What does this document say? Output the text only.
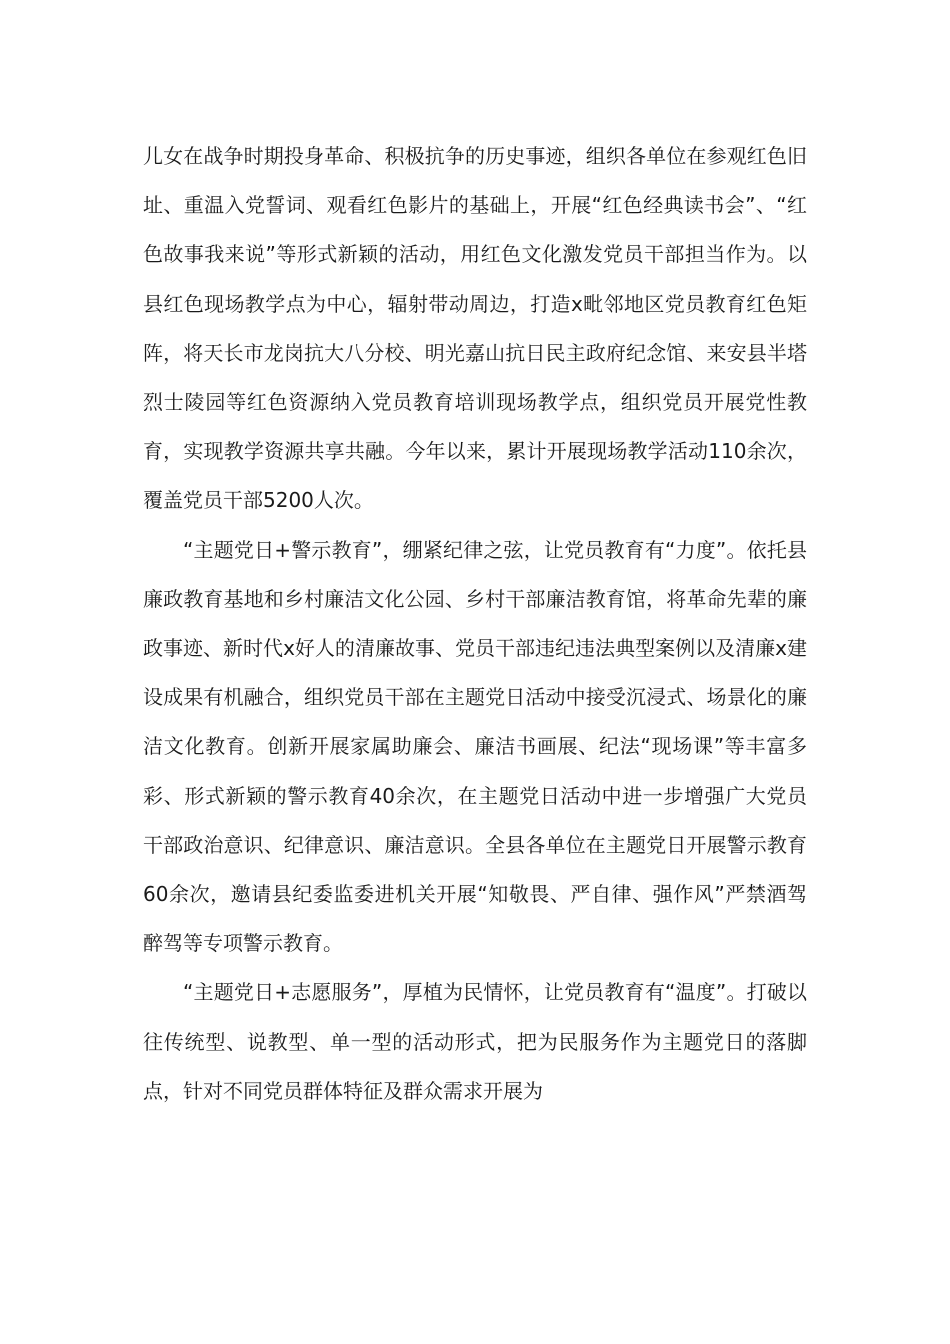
儿女在战争时期投身革命、积极抗争的历史事迹，组织各单位在参观红色旧址、重温入党誓词、观看红色影片的基础上，开展“红色经典读书会”、“红色故事我来说”等形式新颖的活动，用红色文化激发党员干部担当作为。以县红色现场教学点为中心，辐射带动周边，打造x毗邻地区党员教育红色矩阵，将天长市龙岗抗大八分校、明光嘉山抗日民主政府纪念馆、来安县半塔烈士陵园等红色资源纳入党员教育培训现场教学点，组织党员开展党性教育，实现教学资源共享共融。今年以来，累计开展现场教学活动110余次，覆盖党员干部5200人次。

“主题党日+警示教育”，绷紧纪律之弦，让党员教育有“力度”。依托县廉政教育基地和乡村廉洁文化公园、乡村干部廉洁教育馆，将革命先辈的廉政事迹、新时代x好人的清廉故事、党员干部违纪违法典型案例以及清廉x建设成果有机融合，组织党员干部在主题党日活动中接受沉浸式、场景化的廉洁文化教育。创新开展家属助廉会、廉洁书画展、纪法“现场课”等丰富多彩、形式新颖的警示教育40余次，在主题党日活动中进一步增强广大党员干部政治意识、纪律意识、廉洁意识。全县各单位在主题党日开展警示教育60余次，邀请县纪委监委进机关开展“知敬畏、严自律、强作风”严禁酒驾醉驾等专项警示教育。

“主题党日+志愿服务”，厚植为民情怀，让党员教育有“温度”。打破以往传统型、说教型、单一型的活动形式，把为民服务作为主题党日的落脚点，针对不同党员群体特征及群众需求开展为
